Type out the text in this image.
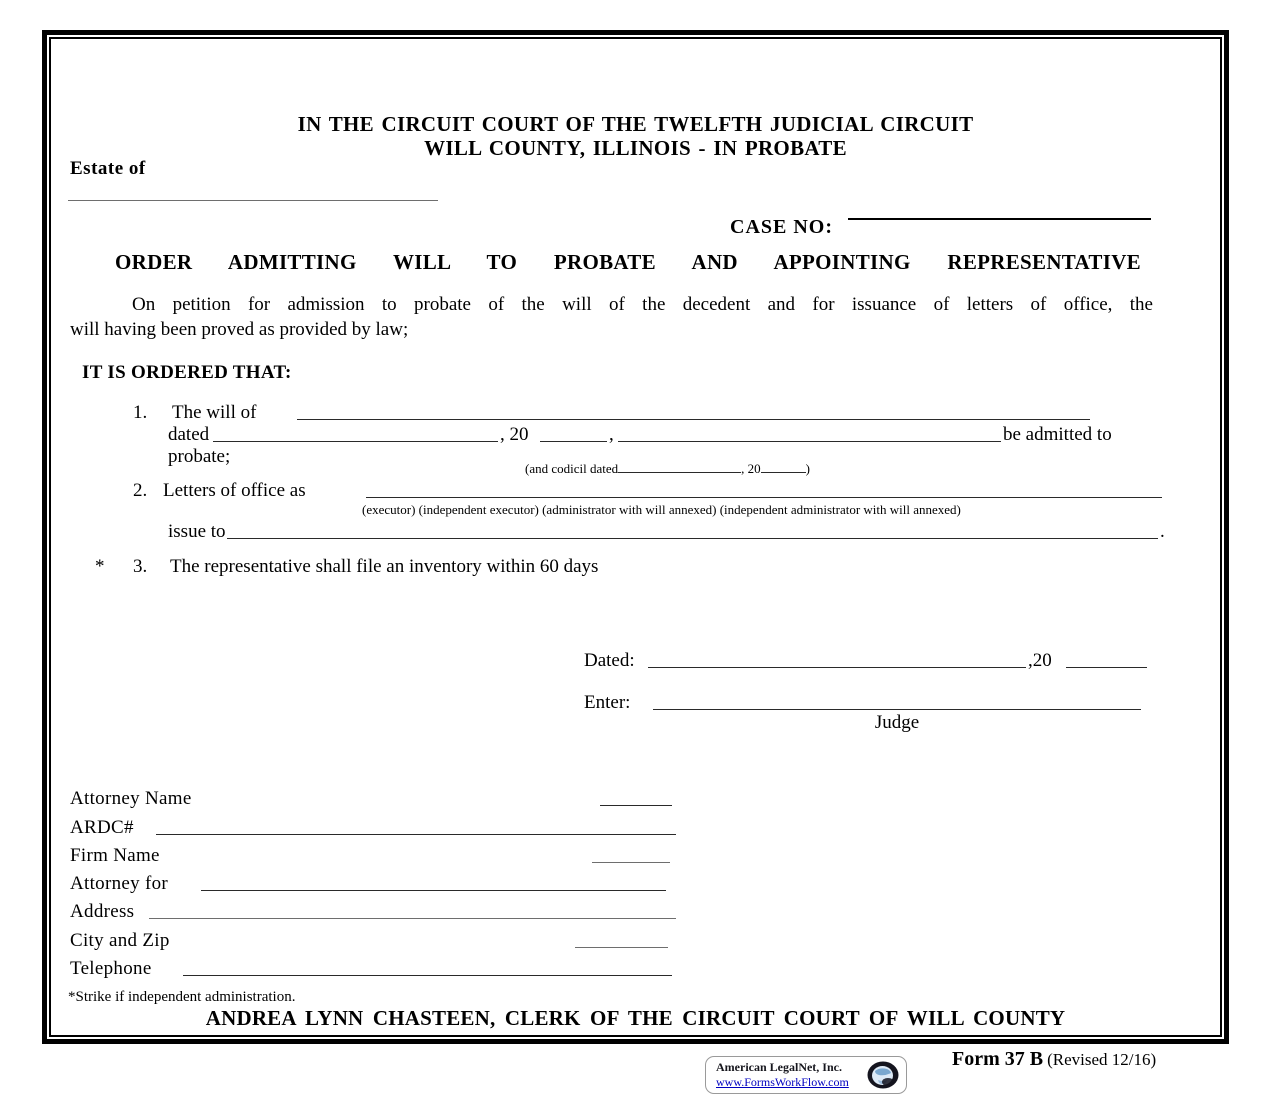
IN THE CIRCUIT COURT OF THE TWELFTH JUDICIAL CIRCUIT
WILL COUNTY, ILLINOIS - IN PROBATE
Estate of
CASE NO:
ORDER ADMITTING WILL TO PROBATE AND APPOINTING REPRESENTATIVE
On petition for admission to probate of the will of the decedent and for issuance of letters of office, the
will having been proved as provided by law;
IT IS ORDERED THAT:
1. The will of
dated	, 20	,	be admitted to
probate;
(and codicil dated	, 20	)
2. Letters of office as
(executor) (independent executor) (administrator with will annexed) (independent administrator with will annexed)
issue to	.
* 3. The representative shall file an inventory within 60 days
Dated:	,20
Enter:
Judge
Attorney Name
ARDC#
Firm Name
Attorney for
Address
City and Zip
Telephone
*Strike if independent administration.
ANDREA LYNN CHASTEEN, CLERK OF THE CIRCUIT COURT OF WILL COUNTY
American LegalNet, Inc.
www.FormsWorkFlow.com
Form 37 B (Revised 12/16)
